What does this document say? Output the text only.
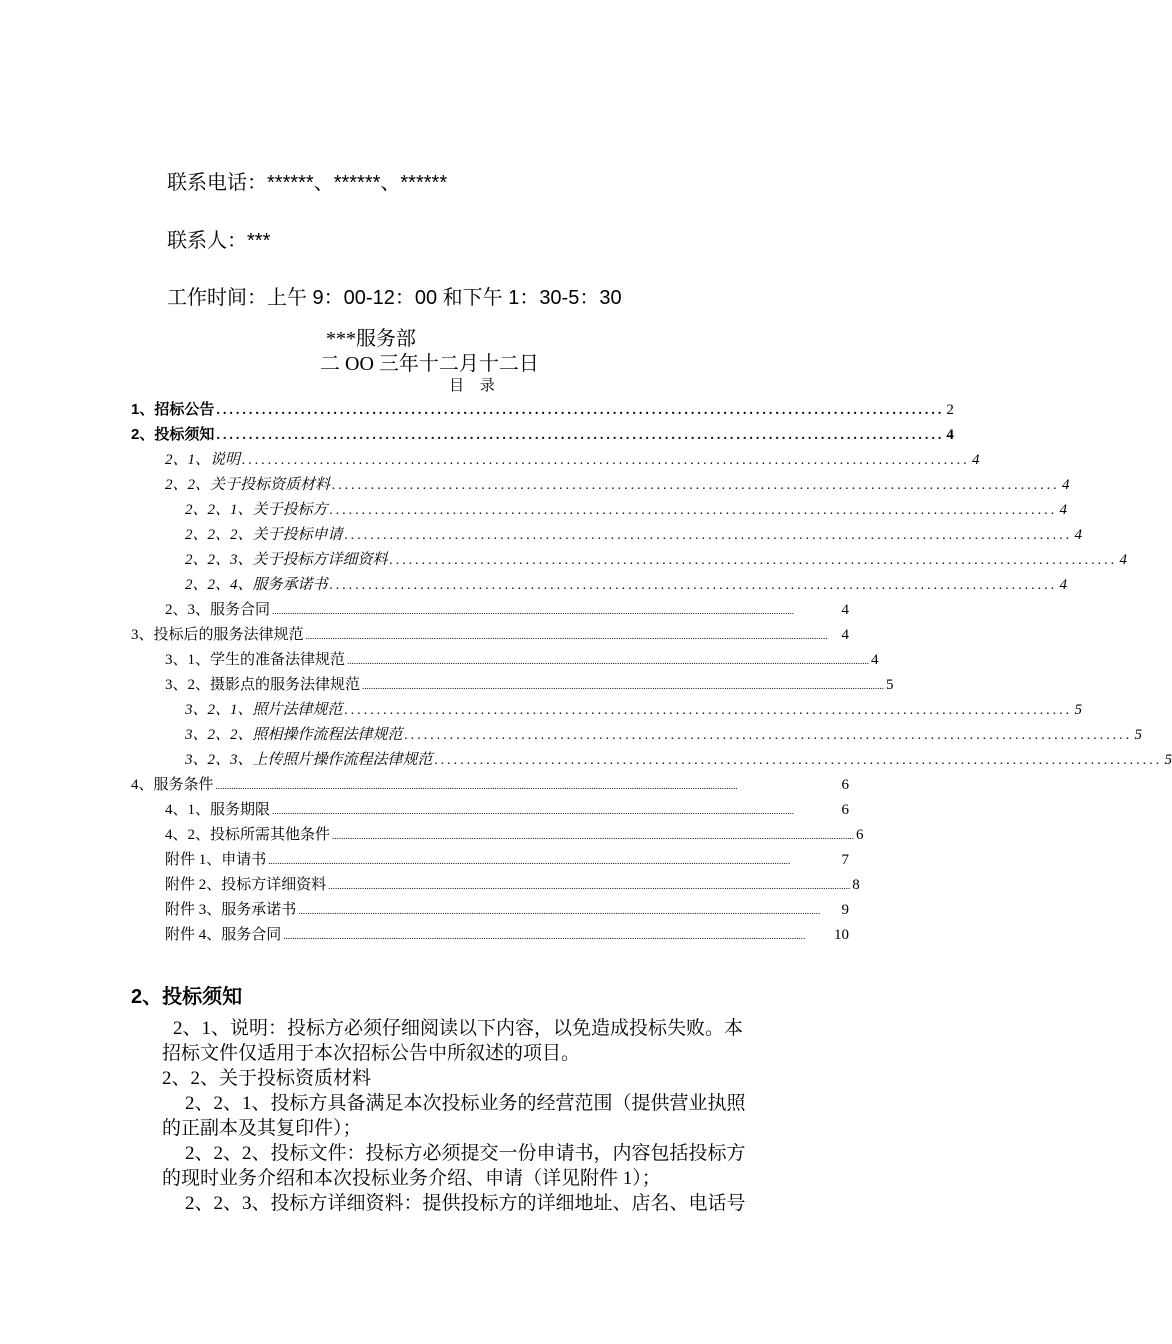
联系电话：******、******、******
联系人：***
工作时间：上午 9：00-12：00 和下午 1：30-5：30
***服务部
二 OO 三年十二月十二日
目 录
1、招标公告 ................................................................................................................ 2
2、投标须知 ................................................................................................................ 4
2、1、说明 ................................................................................................................ 4
2、2、关于投标资质材料 ................................................................................................................ 4
2、2、1、关于投标方 ................................................................................................................ 4
2、2、2、关于投标申请 ................................................................................................................ 4
2、2、3、关于投标方详细资料 ................................................................................................................ 4
2、2、4、服务承诺书 ................................................................................................................ 4
2、3、服务合同 ........................................................................................................................................................................................................................................	4
3、投标后的服务法律规范 ........................................................................................................................................................................................................................................ 4
3、1、学生的准备法律规范 ........................................................................................................................................................................................................................................ 4
3、2、摄影点的服务法律规范 ........................................................................................................................................................................................................................................ 5
3、2、1、照片法律规范 ................................................................................................................ 5
3、2、2、照相操作流程法律规范 ................................................................................................................ 5
3、2、3、上传照片操作流程法律规范 ................................................................................................................ 5
4、服务条件 ........................................................................................................................................................................................................................................	6
4、1、服务期限 ........................................................................................................................................................................................................................................	6
4、2、投标所需其他条件 ........................................................................................................................................................................................................................................ 6
附件 1、申请书 ........................................................................................................................................................................................................................................	7
附件 2、投标方详细资料 ........................................................................................................................................................................................................................................ 8
附件 3、服务承诺书 ........................................................................................................................................................................................................................................	9
附件 4、服务合同 ........................................................................................................................................................................................................................................	10
2、投标须知
2、1、说明：投标方必须仔细阅读以下内容，以免造成投标失败。本
招标文件仅适用于本次招标公告中所叙述的项目。
2、2、关于投标资质材料
2、2、1、投标方具备满足本次投标业务的经营范围（提供营业执照
的正副本及其复印件）；
2、2、2、投标文件：投标方必须提交一份申请书，内容包括投标方
的现时业务介绍和本次投标业务介绍、申请（详见附件 1）；
2、2、3、投标方详细资料：提供投标方的详细地址、店名、电话号
